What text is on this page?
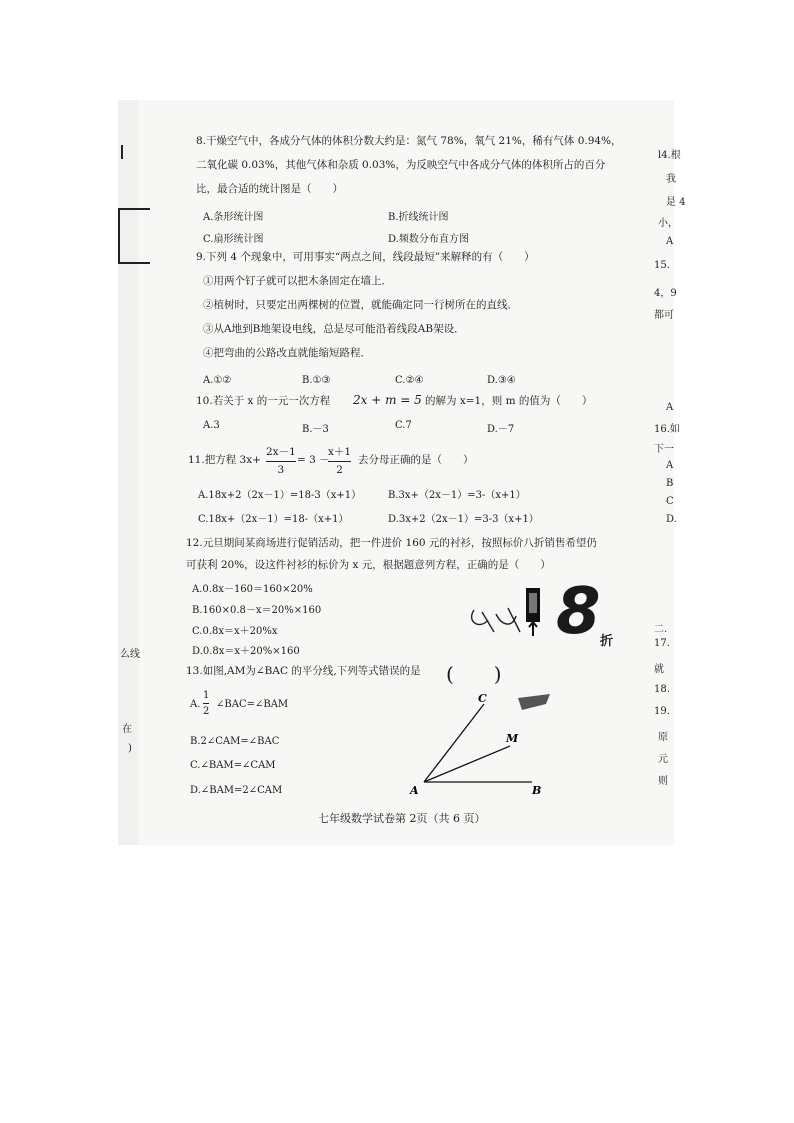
么线
在
)
8.干燥空气中，各成分气体的体积分数大约是：氮气 78%，氧气 21%，稀有气体 0.94%，
二氧化碳 0.03%，其他气体和杂质 0.03%，为反映空气中各成分气体的体积所占的百分
比，最合适的统计图是（　　）
A.条形统计图	B.折线统计图
C.扇形统计图	D.频数分布直方图
9.下列 4 个现象中，可用事实“两点之间，线段最短”来解释的有（　　）
①用两个钉子就可以把木条固定在墙上．
②植树时，只要定出两棵树的位置，就能确定同一行树所在的直线．
③从A地到B地架设电线，总是尽可能沿着线段AB架设．
④把弯曲的公路改直就能缩短路程．
A.①②	B.①③	C.②④	D.③④
10.若关于 x 的一元一次方程 2x + m = 5 的解为 x=1，则 m 的值为（　　）
A.3	B.－3	C.7	D.－7
11.把方程 3x+
2x－1
3
= 3 －
x＋1
2
去分母正确的是（　　）
A.18x+2（2x－1）=18-3（x+1）	B.3x+（2x－1）=3-（x+1）
C.18x+（2x－1）=18-（x+1）	D.3x+2（2x－1）=3-3（x+1）
12.元旦期间某商场进行促销活动，把一件进价 160 元的衬衫，按照标价八折销售希望仍
可获利 20%，设这件衬衫的标价为 x 元，根据题意列方程，正确的是（　　）
A.0.8x－160＝160×20%
B.160×0.8－x＝20%×160
C.0.8x＝x＋20%x
D.0.8x＝x＋20%×160
8 折
13.如图,AM为∠BAC 的平分线,下列等式错误的是 (　　)
A.
1
2
∠BAC=∠BAM
B.2∠CAM=∠BAC
C.∠BAM=∠CAM
D.∠BAM=2∠CAM	A	B
C
M
七年级数学试卷第 2页（共 6 页）
l4.根
我
是 4
小，
A
15.
4，9
都可
A
16.如
下一
A
B
C
D.
二.
17.
就
18.
19.
原
元
则
